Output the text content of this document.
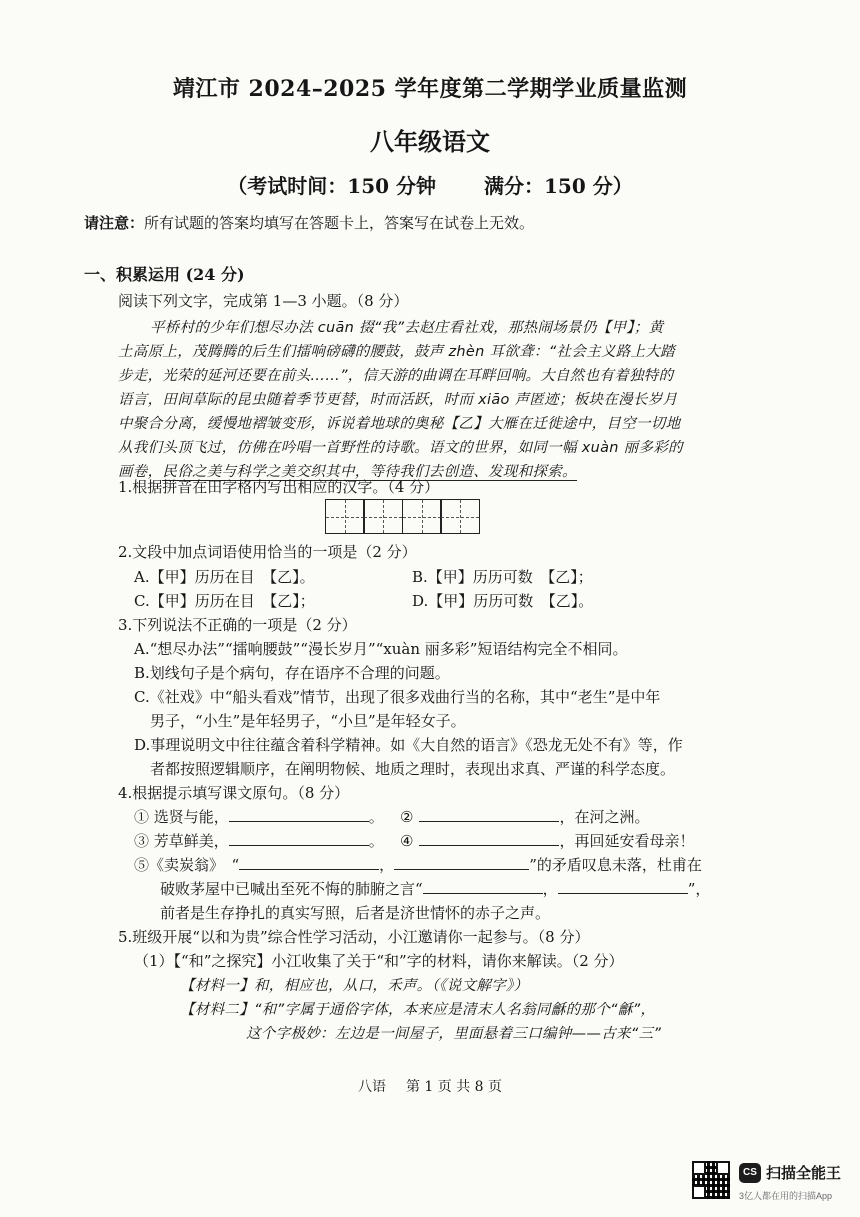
靖江市 2024–2025 学年度第二学期学业质量监测
八年级语文
（考试时间：150 分钟 满分：150 分）
请注意：所有试题的答案均填写在答题卡上，答案写在试卷上无效。
一、积累运用 (24 分)
阅读下列文字，完成第 1—3 小题。（8 分）
平桥村的少年们想尽办法 cuān 掇“我”去赵庄看社戏，那热闹场景仍【甲】；黄
土高原上，茂腾腾的后生们擂响磅礴的腰鼓，鼓声 zhèn 耳欲聋：“社会主义路上大踏
步走，光荣的延河还要在前头……”，信天游的曲调在耳畔回响。大自然也有着独特的
语言，田间草际的昆虫随着季节更替，时而活跃，时而 xiāo 声匿迹；板块在漫长岁月
中聚合分离，缓慢地褶皱变形，诉说着地球的奥秘【乙】大雁在迁徙途中，目空一切地
从我们头顶飞过，仿佛在吟唱一首野性的诗歌。语文的世界，如同一幅 xuàn 丽多彩的
画卷，民俗之美与科学之美交织其中，等待我们去创造、发现和探索。
1.根据拼音在田字格内写出相应的汉字。（4 分）
2.文段中加点词语使用恰当的一项是（2 分）
A.【甲】历历在目　【乙】。	B.【甲】历历可数　【乙】；
C.【甲】历历在目　【乙】；	D.【甲】历历可数　【乙】。
3.下列说法不正确的一项是（2 分）
A.“想尽办法”“擂响腰鼓”“漫长岁月”“xuàn 丽多彩”短语结构完全不相同。
B.划线句子是个病句，存在语序不合理的问题。
C.《社戏》中“船头看戏”情节，出现了很多戏曲行当的名称，其中“老生”是中年
男子，“小生”是年轻男子，“小旦”是年轻女子。
D.事理说明文中往往蕴含着科学精神。如《大自然的语言》《恐龙无处不有》等，作
者都按照逻辑顺序，在阐明物候、地质之理时，表现出求真、严谨的科学态度。
4.根据提示填写课文原句。（8 分）
① 选贤与能，	。 ②	，在河之洲。
③ 芳草鲜美，	。 ④	，再回延安看母亲！
⑤《卖炭翁》　“	，	”的矛盾叹息未落，杜甫在
破败茅屋中已喊出至死不悔的肺腑之言“	，	”，
前者是生存挣扎的真实写照，后者是济世情怀的赤子之声。
5.班级开展“以和为贵”综合性学习活动，小江邀请你一起参与。（8 分）
（1）【“和”之探究】小江收集了关于“和”字的材料，请你来解读。（2 分）
【材料一】和，相应也，从口，禾声。（《说文解字》）
【材料二】“和”字属于通俗字体，本来应是清末人名翁同龢的那个“龢”，
这个字极妙：左边是一间屋子，里面悬着三口编钟——古来“三”
八语 第 1 页 共 8 页
CS 扫描全能王
3亿人都在用的扫描App
